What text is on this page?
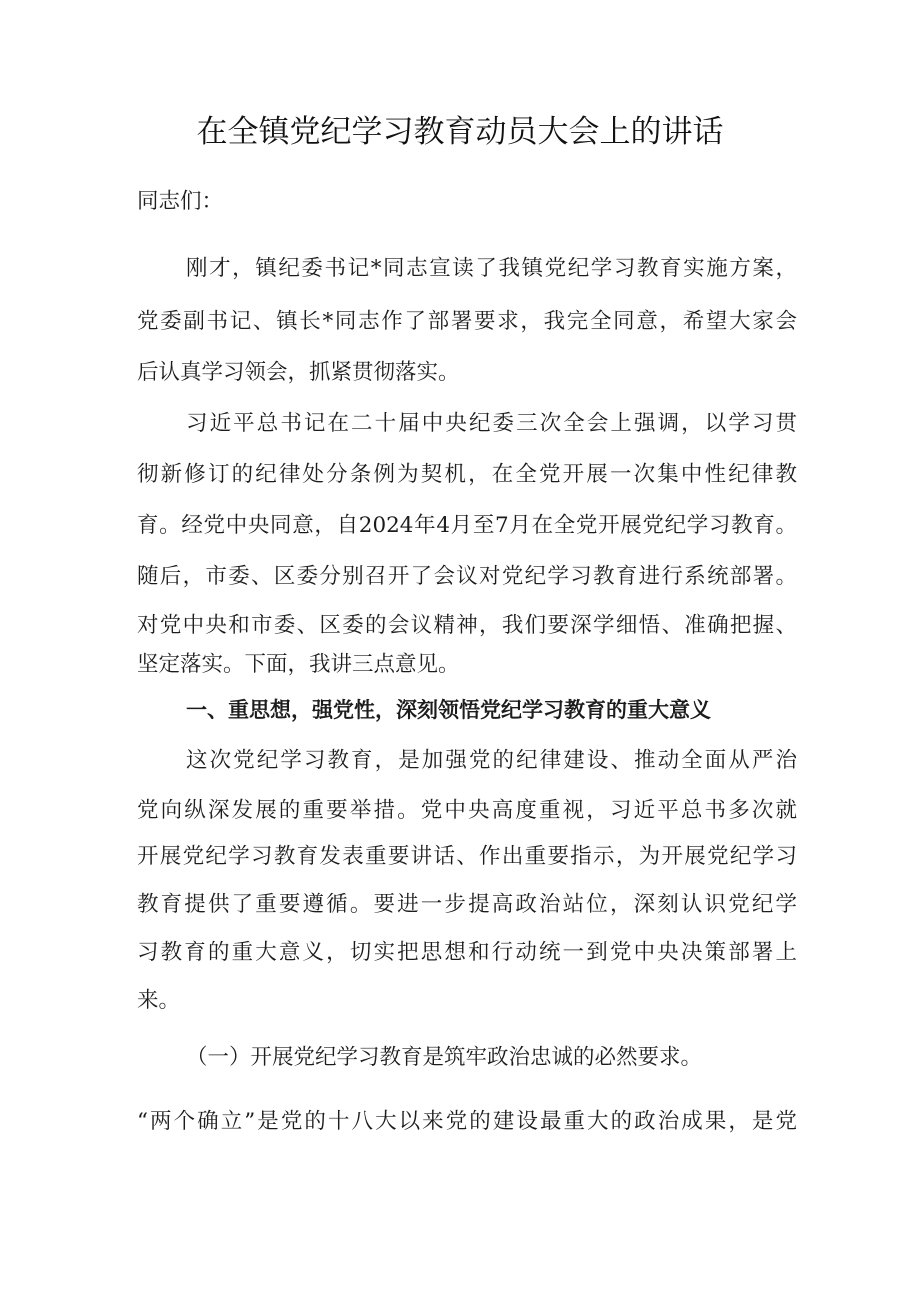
在全镇党纪学习教育动员大会上的讲话
同志们：
刚才，镇纪委书记*同志宣读了我镇党纪学习教育实施方案，
党委副书记、镇长*同志作了部署要求，我完全同意，希望大家会
后认真学习领会，抓紧贯彻落实。
习近平总书记在二十届中央纪委三次全会上强调，以学习贯
彻新修订的纪律处分条例为契机，在全党开展一次集中性纪律教
育。经党中央同意，自2024年4月至7月在全党开展党纪学习教育。
随后，市委、区委分别召开了会议对党纪学习教育进行系统部署。
对党中央和市委、区委的会议精神，我们要深学细悟、准确把握、
坚定落实。下面，我讲三点意见。
一、重思想，强党性，深刻领悟党纪学习教育的重大意义
这次党纪学习教育，是加强党的纪律建设、推动全面从严治
党向纵深发展的重要举措。党中央高度重视，习近平总书多次就
开展党纪学习教育发表重要讲话、作出重要指示，为开展党纪学习
教育提供了重要遵循。要进一步提高政治站位，深刻认识党纪学
习教育的重大意义，切实把思想和行动统一到党中央决策部署上
来。
（一）开展党纪学习教育是筑牢政治忠诚的必然要求。
“两个确立”是党的十八大以来党的建设最重大的政治成果，是党
